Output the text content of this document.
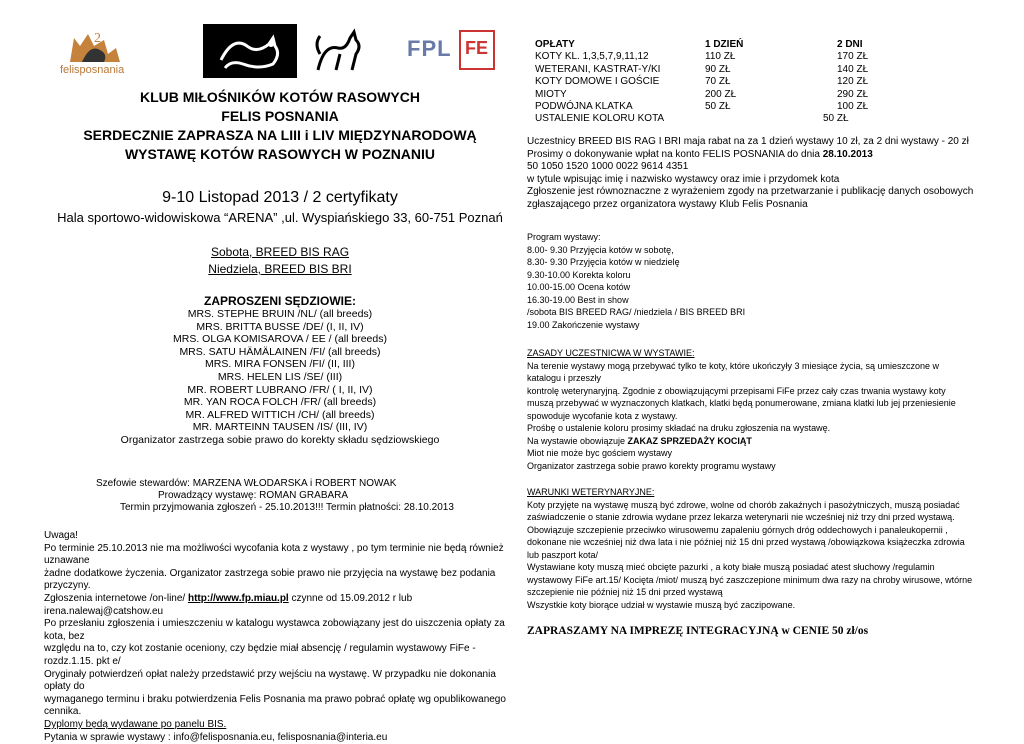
2
felisposnania
FPL FE
KLUB MIŁOŚNIKÓW KOTÓW RASOWYCH
FELIS POSNANIA
SERDECZNIE ZAPRASZA NA LIII i LIV MIĘDZYNARODOWĄ
WYSTAWĘ KOTÓW RASOWYCH W POZNANIU
9-10 Listopad 2013 / 2 certyfikaty
Hala sportowo-widowiskowa “ARENA” ,ul. Wyspiańskiego 33, 60-751 Poznań
Sobota, BREED BIS RAG
Niedziela, BREED BIS BRI
ZAPROSZENI SĘDZIOWIE:
MRS. STEPHE BRUIN /NL/ (all breeds)
MRS. BRITTA BUSSE /DE/ (I, II, IV)
MRS. OLGA KOMISAROVA / EE / (all breeds)
MRS. SATU HÄMÄLAINEN /FI/ (all breeds)
MRS. MIRA FONSEN /FI/ (II, III)
MRS. HELEN LIS /SE/ (III)
MR. ROBERT LUBRANO /FR/ ( I, II, IV)
MR. YAN ROCA FOLCH /FR/ (all breeds)
MR. ALFRED WITTICH /CH/ (all breeds)
MR. MARTEINN TAUSEN /IS/ (III, IV)
Organizator zastrzega sobie prawo do korekty składu sędziowskiego
Szefowie stewardów: MARZENA WŁODARSKA i ROBERT NOWAK
Prowadzący wystawę: ROMAN GRABARA
Termin przyjmowania zgłoszeń - 25.10.2013!!! Termin płatności: 28.10.2013
Uwaga!
Po terminie 25.10.2013 nie ma możliwości wycofania kota z wystawy , po tym terminie nie będą również uznawane
żadne dodatkowe życzenia. Organizator zastrzega sobie prawo nie przyjęcia na wystawę bez podania przyczyny.
Zgłoszenia internetowe /on-line/ http://www.fp.miau.pl czynne od 15.09.2012 r lub irena.nalewaj@catshow.eu
Po przesłaniu zgłoszenia i umieszczeniu w katalogu wystawca zobowiązany jest do uiszczenia opłaty za kota, bez
względu na to, czy kot zostanie oceniony, czy będzie miał absencję / regulamin wystawowy FiFe - rozdz.1.15. pkt e/
Oryginały potwierdzeń opłat należy przedstawić przy wejściu na wystawę. W przypadku nie dokonania opłaty do
wymaganego terminu i braku potwierdzenia Felis Posnania ma prawo pobrać opłatę wg opublikowanego cennika.
Dyplomy będą wydawane po panelu BIS.
Pytania w sprawie wystawy : info@felisposnania.eu, felisposnania@interia.eu
OPŁATY	1 DZIEŃ	2 DNI
KOTY KL. 1,3,5,7,9,11,12	110 ZŁ	170 ZŁ
WETERANI, KASTRAT-Y/KI	90 ZŁ	140 ZŁ
KOTY DOMOWE I GOŚCIE	70 ZŁ	120 ZŁ
MIOTY	200 ZŁ	290 ZŁ
PODWÓJNA KLATKA	50 ZŁ	100 ZŁ
USTALENIE KOLORU KOTA	50 ZŁ
Uczestnicy BREED BIS RAG I BRI maja rabat na za 1 dzień wystawy 10 zł, za 2 dni wystawy - 20 zł
Prosimy o dokonywanie wpłat na konto FELIS POSNANIA do dnia 28.10.2013
50 1050 1520 1000 0022 9614 4351
w tytule wpisując imię i nazwisko wystawcy oraz imie i przydomek kota
Zgłoszenie jest równoznaczne z wyrażeniem zgody na przetwarzanie i publikację danych osobowych
zgłaszającego przez organizatora wystawy Klub Felis Posnania
Program wystawy:
8.00- 9.30 Przyjęcia kotów w sobotę,
8.30- 9.30 Przyjęcia kotów w niedzielę
9.30-10.00 Korekta koloru
10.00-15.00 Ocena kotów
16.30-19.00 Best in show
/sobota BIS BREED RAG/ /niedziela / BIS BREED BRI
19.00 Zakończenie wystawy
ZASADY UCZESTNICWA W WYSTAWIE:
Na terenie wystawy mogą przebywać tylko te koty, które ukończyły 3 miesiące życia, są umieszczone w
katalogu i przeszły
kontrolę weterynaryjną. Zgodnie z obowiązującymi przepisami FiFe przez cały czas trwania wystawy koty
muszą przebywać w wyznaczonych klatkach, klatki będą ponumerowane, zmiana klatki lub jej przeniesienie
spowoduje wycofanie kota z wystawy.
Prośbę o ustalenie koloru prosimy składać na druku zgłoszenia na wystawę.
Na wystawie obowiązuje ZAKAZ SPRZEDAŻY KOCIĄT
Miot nie może byc gościem wystawy
Organizator zastrzega sobie prawo korekty programu wystawy
WARUNKI WETERYNARYJNE:
Koty przyjęte na wystawę muszą być zdrowe, wolne od chorób zakaźnych i pasożytniczych, muszą posiadać
zaświadczenie o stanie zdrowia wydane przez lekarza weterynarii nie wcześniej niż trzy dni przed wystawą.
Obowiązuje szczepienie przeciwko wirusowemu zapaleniu górnych dróg oddechowych i panaleukopernii ,
dokonane nie wcześniej niż dwa lata i nie później niż 15 dni przed wystawą /obowiązkowa książeczka zdrowia
lub paszport kota/
Wystawiane koty muszą mieć obcięte pazurki , a koty białe muszą posiadać atest słuchowy /regulamin
wystawowy FiFe art.15/ Kocięta /miot/ muszą być zaszczepione minimum dwa razy na chroby wirusowe, wtórne
szczepienie nie później niż 15 dni przed wystawą
Wszystkie koty biorące udział w wystawie muszą być zaczipowane.
ZAPRASZAMY NA IMPREZĘ INTEGRACYJNĄ w CENIE 50 zł/os
